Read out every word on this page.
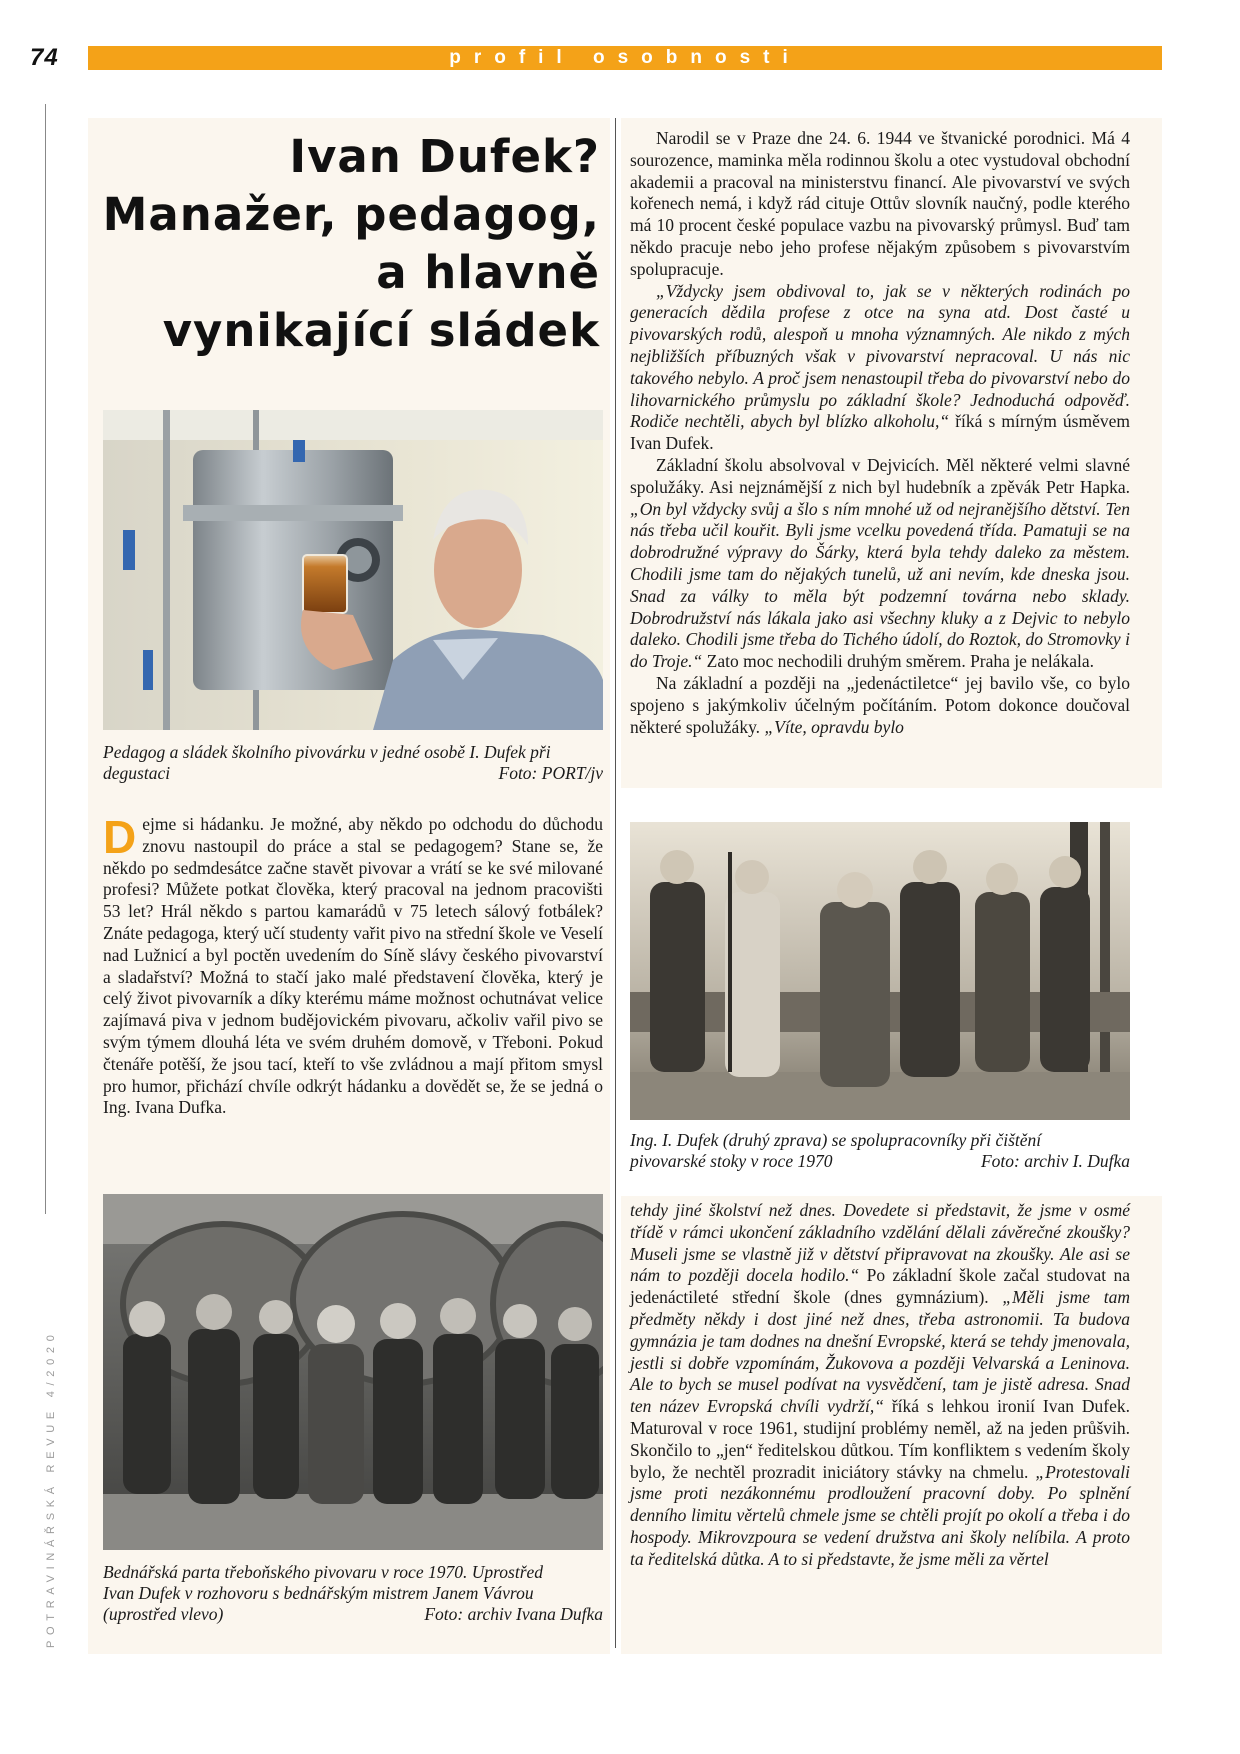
74	profil osobnosti
POTRAVINÁŘSKÁ REVUE 4/2020
Ivan Dufek?
Manažer, pedagog,
a hlavně
vynikající sládek
Pedagog a sládek školního pivovárku v jedné osobě I. Dufek při
degustaci	Foto: PORT/jv

Dejme si hádanku. Je možné, aby někdo po odchodu do důchodu znovu nastoupil do práce a stal se pedagogem? Stane se, že někdo po sedmdesátce začne stavět pivovar a vrátí se ke své milované profesi? Můžete potkat člověka, který pracoval na jednom pracovišti 53 let? Hrál někdo s partou kamarádů v 75 letech sálový fotbálek? Znáte pedagoga, který učí studenty vařit pivo na střední škole ve Veselí nad Lužnicí a byl poctěn uvedením do Síně slávy českého pivovarství a sladařství? Možná to stačí jako malé představení člověka, který je celý život pivovarník a díky kterému máme možnost ochutnávat velice zajímavá piva v jednom budějovickém pivovaru, ačkoliv vařil pivo se svým týmem dlouhá léta ve svém druhém domově, v Třeboni. Pokud čtenáře potěší, že jsou tací, kteří to vše zvládnou a mají přitom smysl pro humor, přichází chvíle odkrýt hádanku a dovědět se, že se jedná o Ing. Ivana Dufka.

Bednářská parta třeboňského pivovaru v roce 1970. Uprostřed
Ivan Dufek v rozhovoru s bednářským mistrem Janem Vávrou
(uprostřed vlevo)	Foto: archiv Ivana Dufka

Narodil se v Praze dne 24. 6. 1944 ve štvanické porodnici. Má 4 sourozence, maminka měla rodinnou školu a otec vystudoval obchodní akademii a pracoval na ministerstvu financí. Ale pivovarství ve svých kořenech nemá, i když rád cituje Ottův slovník naučný, podle kterého má 10 procent české populace vazbu na pivovarský průmysl. Buď tam někdo pracuje nebo jeho profese nějakým způsobem s pivovarstvím spolupracuje.

„Vždycky jsem obdivoval to, jak se v některých rodinách po generacích dědila profese z otce na syna atd. Dost časté u pivovarských rodů, alespoň u mnoha významných. Ale nikdo z mých nejbližších příbuzných však v pivovarství nepracoval. U nás nic takového nebylo. A proč jsem nenastoupil třeba do pivovarství nebo do lihovarnického průmyslu po základní škole? Jednoduchá odpověď. Rodiče nechtěli, abych byl blízko alkoholu,“ říká s mírným úsměvem Ivan Dufek.

Základní školu absolvoval v Dejvicích. Měl některé velmi slavné spolužáky. Asi nejznámější z nich byl hudebník a zpěvák Petr Hapka. „On byl vždycky svůj a šlo s ním mnohé už od nejranějšího dětství. Ten nás třeba učil kouřit. Byli jsme vcelku povedená třída. Pamatuji se na dobrodružné výpravy do Šárky, která byla tehdy daleko za městem. Chodili jsme tam do nějakých tunelů, už ani nevím, kde dneska jsou. Snad za války to měla být podzemní továrna nebo sklady. Dobrodružství nás lákala jako asi všechny kluky a z Dejvic to nebylo daleko. Chodili jsme třeba do Tichého údolí, do Roztok, do Stromovky i do Troje.“ Zato moc nechodili druhým směrem. Praha je nelákala.

Na základní a později na „jedenáctiletce“ jej bavilo vše, co bylo spojeno s jakýmkoliv účelným počítáním. Potom dokonce doučoval některé spolužáky. „Víte, opravdu bylo

Ing. I. Dufek (druhý zprava) se spolupracovníky při čištění
pivovarské stoky v roce 1970	Foto: archiv I. Dufka

tehdy jiné školství než dnes. Dovedete si představit, že jsme v osmé třídě v rámci ukončení základního vzdělání dělali závěrečné zkoušky? Museli jsme se vlastně již v dětství připravovat na zkoušky. Ale asi se nám to později docela hodilo.“ Po základní škole začal studovat na jedenáctileté střední škole (dnes gymnázium). „Měli jsme tam předměty někdy i dost jiné než dnes, třeba astronomii. Ta budova gymnázia je tam dodnes na dnešní Evropské, která se tehdy jmenovala, jestli si dobře vzpomínám, Žukovova a později Velvarská a Leninova. Ale to bych se musel podívat na vysvědčení, tam je jistě adresa. Snad ten název Evropská chvíli vydrží,“ říká s lehkou ironií Ivan Dufek. Maturoval v roce 1961, studijní problémy neměl, až na jeden průšvih. Skončilo to „jen“ ředitelskou důtkou. Tím konfliktem s vedením školy bylo, že nechtěl prozradit iniciátory stávky na chmelu. „Protestovali jsme proti nezákonnému prodloužení pracovní doby. Po splnění denního limitu věrtelů chmele jsme se chtěli projít po okolí a třeba i do hospody. Mikrovzpoura se vedení družstva ani školy nelíbila. A proto ta ředitelská důtka. A to si představte, že jsme měli za věrtel
